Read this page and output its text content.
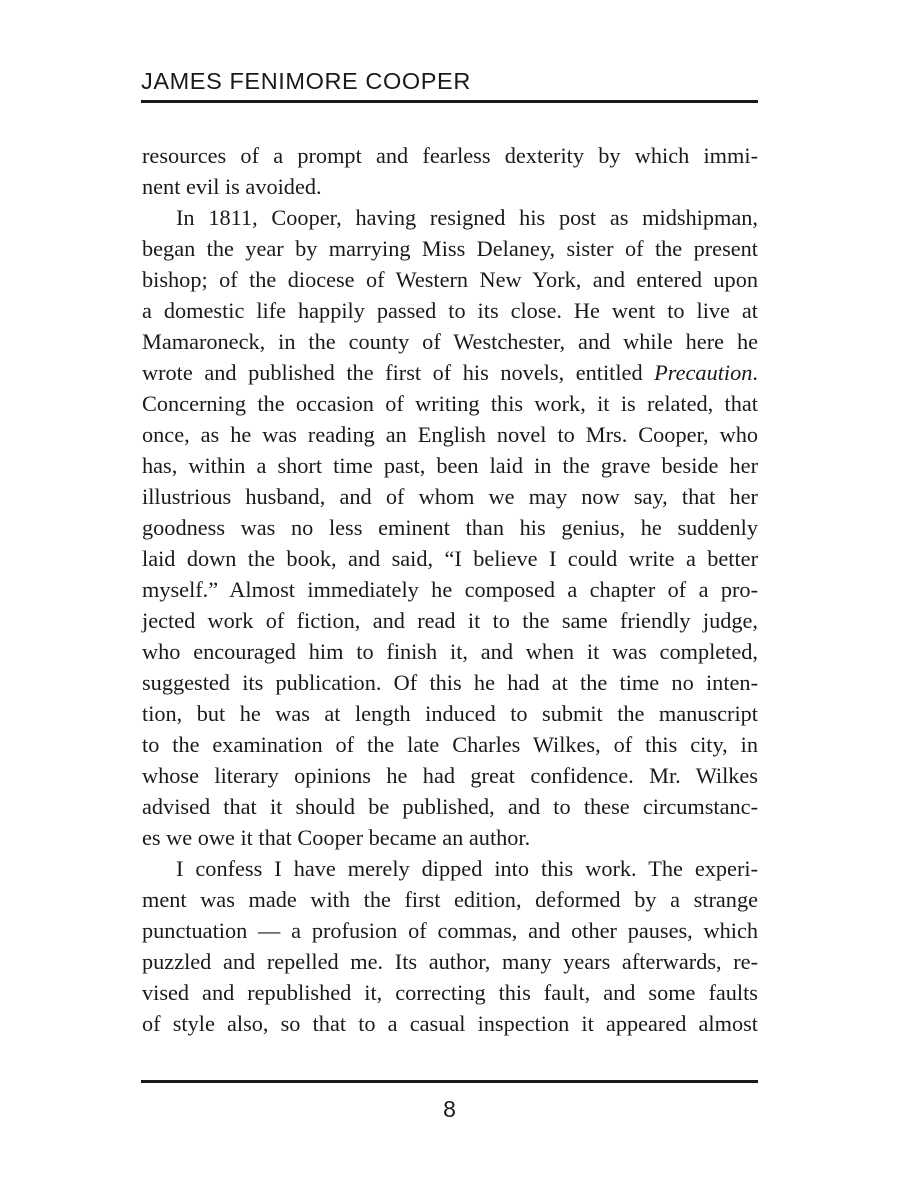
JAMES FENIMORE COOPER
resources of a prompt and fearless dexterity by which immi-
nent evil is avoided.
In 1811, Cooper, having resigned his post as midshipman,
began the year by marrying Miss Delaney, sister of the present
bishop; of the diocese of Western New York, and entered upon
a domestic life happily passed to its close. He went to live at
Mamaroneck, in the county of Westchester, and while here he
wrote and published the first of his novels, entitled Precaution.
Concerning the occasion of writing this work, it is related, that
once, as he was reading an English novel to Mrs. Cooper, who
has, within a short time past, been laid in the grave beside her
illustrious husband, and of whom we may now say, that her
goodness was no less eminent than his genius, he suddenly
laid down the book, and said, “I believe I could write a better
myself.” Almost immediately he composed a chapter of a pro-
jected work of fiction, and read it to the same friendly judge,
who encouraged him to finish it, and when it was completed,
suggested its publication. Of this he had at the time no inten-
tion, but he was at length induced to submit the manuscript
to the examination of the late Charles Wilkes, of this city, in
whose literary opinions he had great confidence. Mr. Wilkes
advised that it should be published, and to these circumstanc-
es we owe it that Cooper became an author.
I confess I have merely dipped into this work. The experi-
ment was made with the first edition, deformed by a strange
punctuation — a profusion of commas, and other pauses, which
puzzled and repelled me. Its author, many years afterwards, re-
vised and republished it, correcting this fault, and some faults
of style also, so that to a casual inspection it appeared almost
8
